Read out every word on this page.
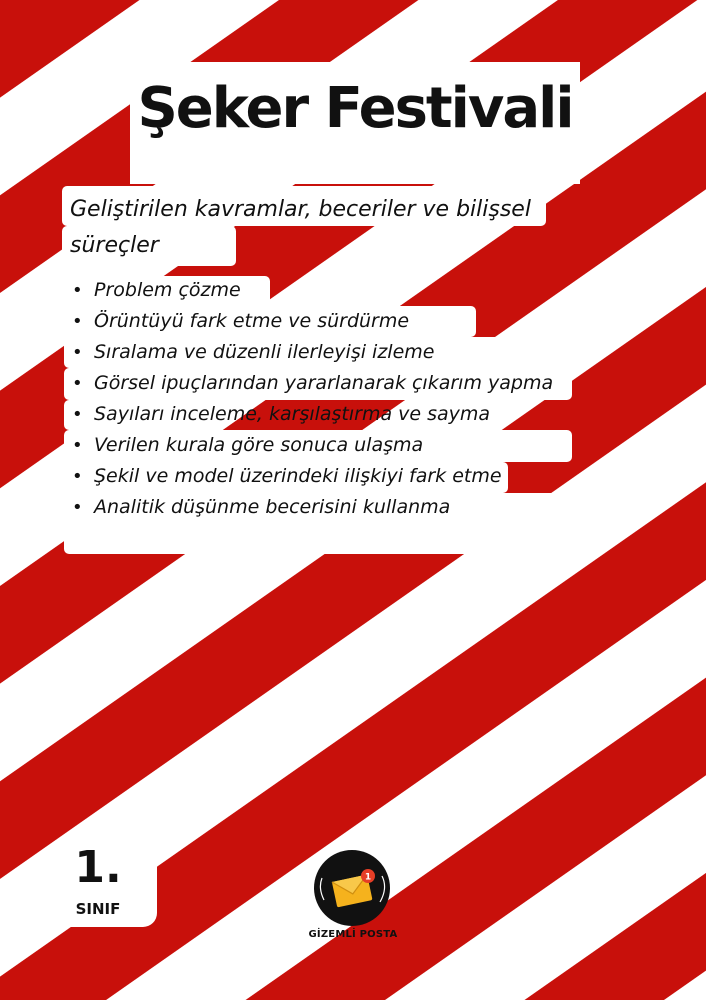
Şeker Festivali

Geliştirilen kavramlar, beceriler ve bilişsel süreçler

• Problem çözme
• Örüntüyü fark etme ve sürdürme
• Sıralama ve düzenli ilerleyişi izleme
• Görsel ipuçlarından yararlanarak çıkarım yapma
• Sayıları inceleme, karşılaştırma ve sayma
• Verilen kurala göre sonuca ulaşma
• Şekil ve model üzerindeki ilişkiyi fark etme
• Analitik düşünme becerisini kullanma
1.
SINIF
1
GİZEMLİ POSTA
